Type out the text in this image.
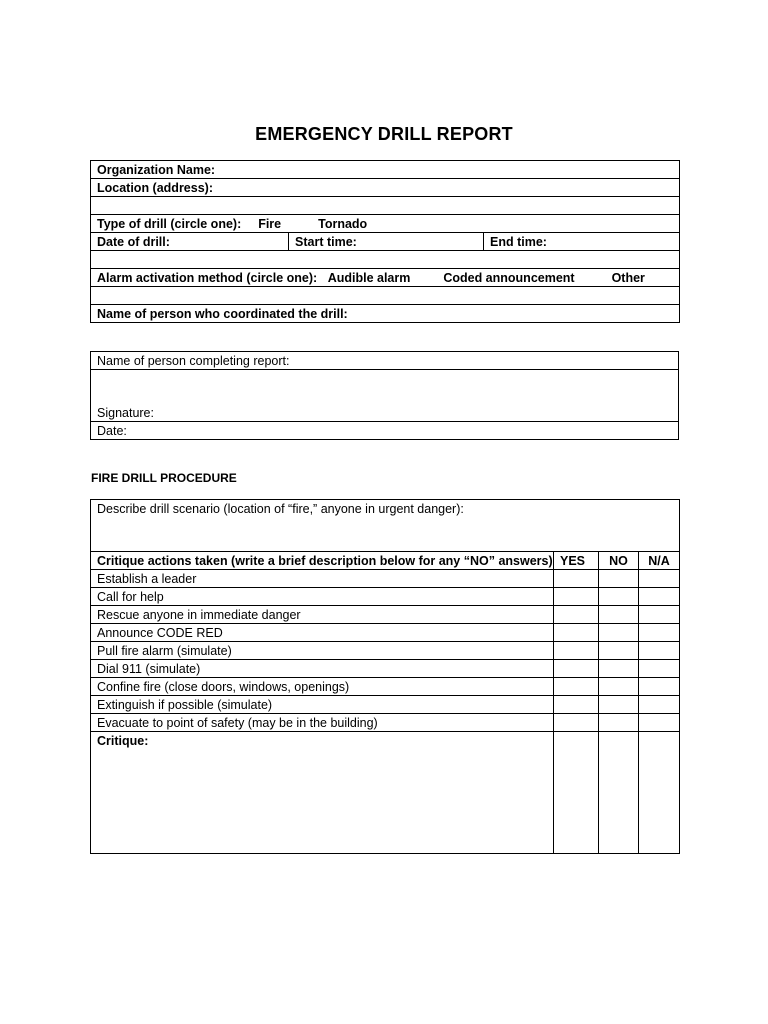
EMERGENCY DRILL REPORT
Organization Name:
Location (address):

Type of drill (circle one): Fire	Tornado
Date of drill:	Start time:	End time:

Alarm activation method (circle one): Audible alarm	Coded announcement	Other

Name of person who coordinated the drill:
Name of person completing report:
Signature:
Date:
FIRE DRILL PROCEDURE
Describe drill scenario (location of “fire,” anyone in urgent danger):			
Critique actions taken (write a brief description below for any “NO” answers)	YES	NO	N/A
Establish a leader			
Call for help			
Rescue anyone in immediate danger			
Announce CODE RED			
Pull fire alarm (simulate)			
Dial 911 (simulate)			
Confine fire (close doors, windows, openings)			
Extinguish if possible (simulate)			
Evacuate to point of safety (may be in the building)			
Critique:			
